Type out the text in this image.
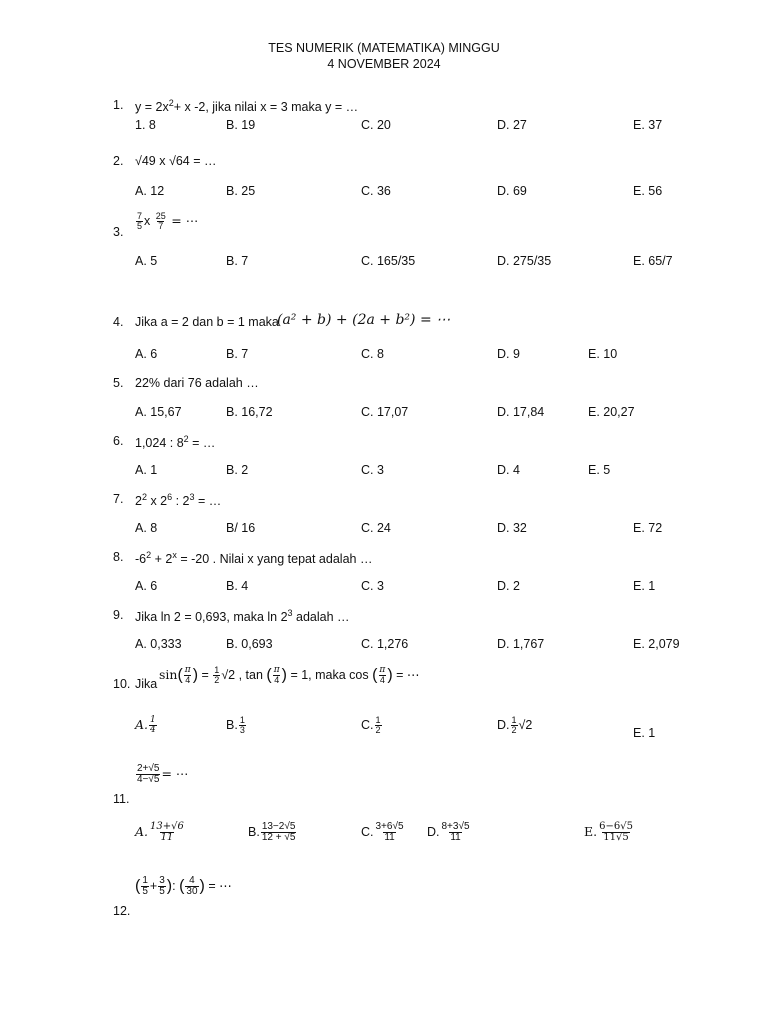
TES NUMERIK (MATEMATIKA) MINGGU
4 NOVEMBER 2024
1. $y = 2x^2+ x$ -2, jika nilai x = 3 maka y = …
1. 8	B. 19	C. 20	D. 27	E. 37
2. √49 x √64 = …
A. 12	B. 25	C. 36	D. 69	E. 56
3.
$\frac{7}{5}$ x $\frac{25}{7}$ = ⋯
A. 5	B. 7	C. 165/35	D. 275/35	E. 65/7
4. Jika a = 2 dan b = 1 maka
(a² + b) + (2a + b²) = ⋯
A. 6	B. 7	C. 8	D. 9	E. 10
5. 22% dari 76 adalah …
A. 15,67	B. 16,72	C. 17,07	D. 17,84	E. 20,27
6. 1,024 : $8^2$ = …
A. 1	B. 2	C. 3	D. 4	E. 5
7. $2^2$ x $2^6$ : $2^3$ = …
A. 8	B/ 16	C. 24	D. 32	E. 72
8. $-6^2 + 2^x = -20$ . Nilai x yang tepat adalah …
A. 6	B. 4	C. 3	D. 2	E. 1
9. Jika ln 2 = 0,693, maka $\ln 2^3$ adalah …
A. 0,333	B. 0,693	C. 1,276	D. 1,767	E. 2,079
10. Jika
$\sin( \frac{\pi}{4}$ ) = $\frac{1}{2} √2$ , tan ( $\frac{\pi}{4}$ ) = 1, maka cos ( $\frac{\pi}{4}$ ) = ⋯
A. $\frac{1}{4}$	B. $\frac{1}{3}$	C. $\frac{1}{2}$	D. $\frac{1}{2} √2$
E. 1
$\frac{2+√5}{4-√5}$ = ⋯
11.
A. $\frac{13+√6}{11}$	B. $\frac{13-2√5}{12 + √5}$	C. $\frac{3+6√5}{11} D$. $\frac{8+3√5}{11}$	E. $\frac{6-6√5}{11√5}$
( $\frac{1}{5} + \frac{3}{5}$ ): ( $\frac{4}{30}$ ) = ⋯
12.
